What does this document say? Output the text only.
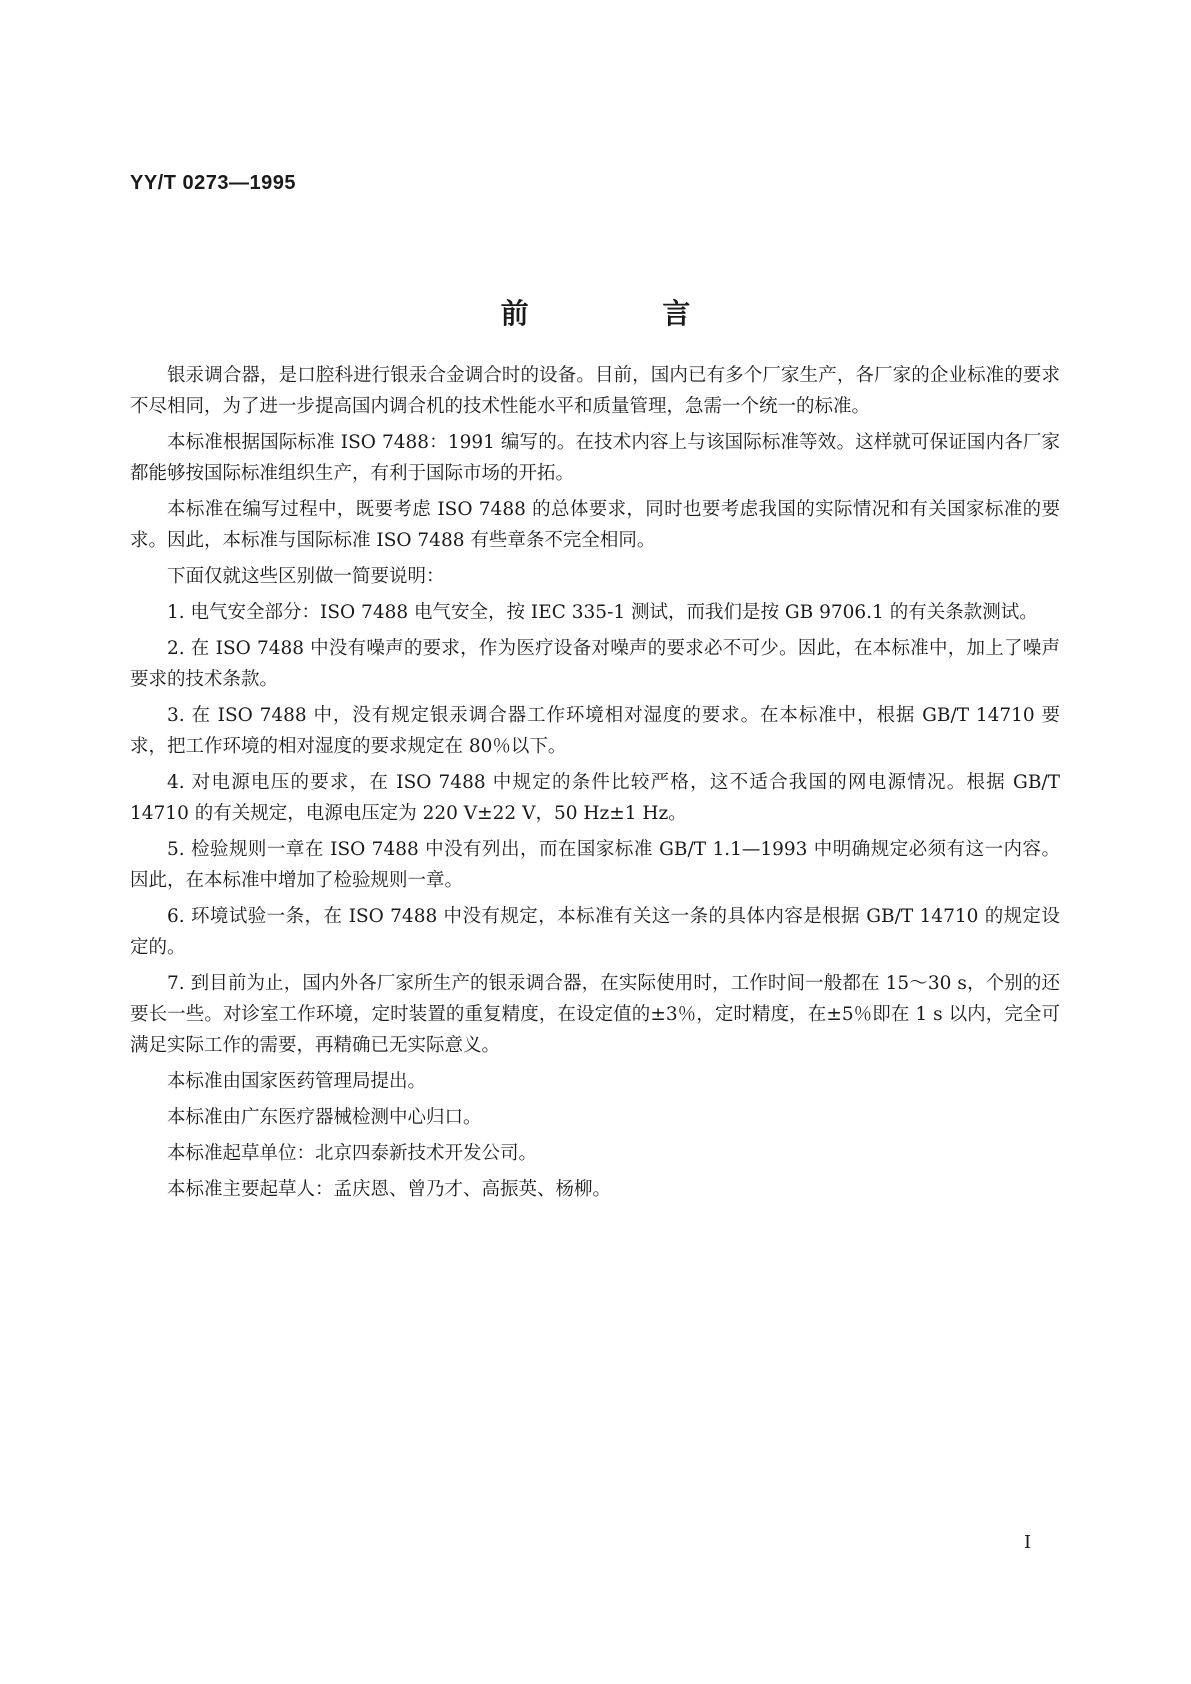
YY/T 0273—1995
前 言

银汞调合器，是口腔科进行银汞合金调合时的设备。目前，国内已有多个厂家生产，各厂家的企业标准的要求不尽相同，为了进一步提高国内调合机的技术性能水平和质量管理，急需一个统一的标准。

本标准根据国际标准 ISO 7488：1991 编写的。在技术内容上与该国际标准等效。这样就可保证国内各厂家都能够按国际标准组织生产，有利于国际市场的开拓。

本标准在编写过程中，既要考虑 ISO 7488 的总体要求，同时也要考虑我国的实际情况和有关国家标准的要求。因此，本标准与国际标准 ISO 7488 有些章条不完全相同。

下面仅就这些区别做一简要说明：

1. 电气安全部分：ISO 7488 电气安全，按 IEC 335-1 测试，而我们是按 GB 9706.1 的有关条款测试。

2. 在 ISO 7488 中没有噪声的要求，作为医疗设备对噪声的要求必不可少。因此，在本标准中，加上了噪声要求的技术条款。

3. 在 ISO 7488 中，没有规定银汞调合器工作环境相对湿度的要求。在本标准中，根据 GB/T 14710 要求，把工作环境的相对湿度的要求规定在 80％以下。

4. 对电源电压的要求，在 ISO 7488 中规定的条件比较严格，这不适合我国的网电源情况。根据 GB/T 14710 的有关规定，电源电压定为 220 V±22 V，50 Hz±1 Hz。

5. 检验规则一章在 ISO 7488 中没有列出，而在国家标准 GB/T 1.1—1993 中明确规定必须有这一内容。因此，在本标准中增加了检验规则一章。

6. 环境试验一条，在 ISO 7488 中没有规定，本标准有关这一条的具体内容是根据 GB/T 14710 的规定设定的。

7. 到目前为止，国内外各厂家所生产的银汞调合器，在实际使用时，工作时间一般都在 15～30 s，个别的还要长一些。对诊室工作环境，定时装置的重复精度，在设定值的±3％，定时精度，在±5％即在 1 s 以内，完全可满足实际工作的需要，再精确已无实际意义。

本标准由国家医药管理局提出。

本标准由广东医疗器械检测中心归口。

本标准起草单位：北京四泰新技术开发公司。

本标准主要起草人：孟庆恩、曾乃才、高振英、杨柳。

I
